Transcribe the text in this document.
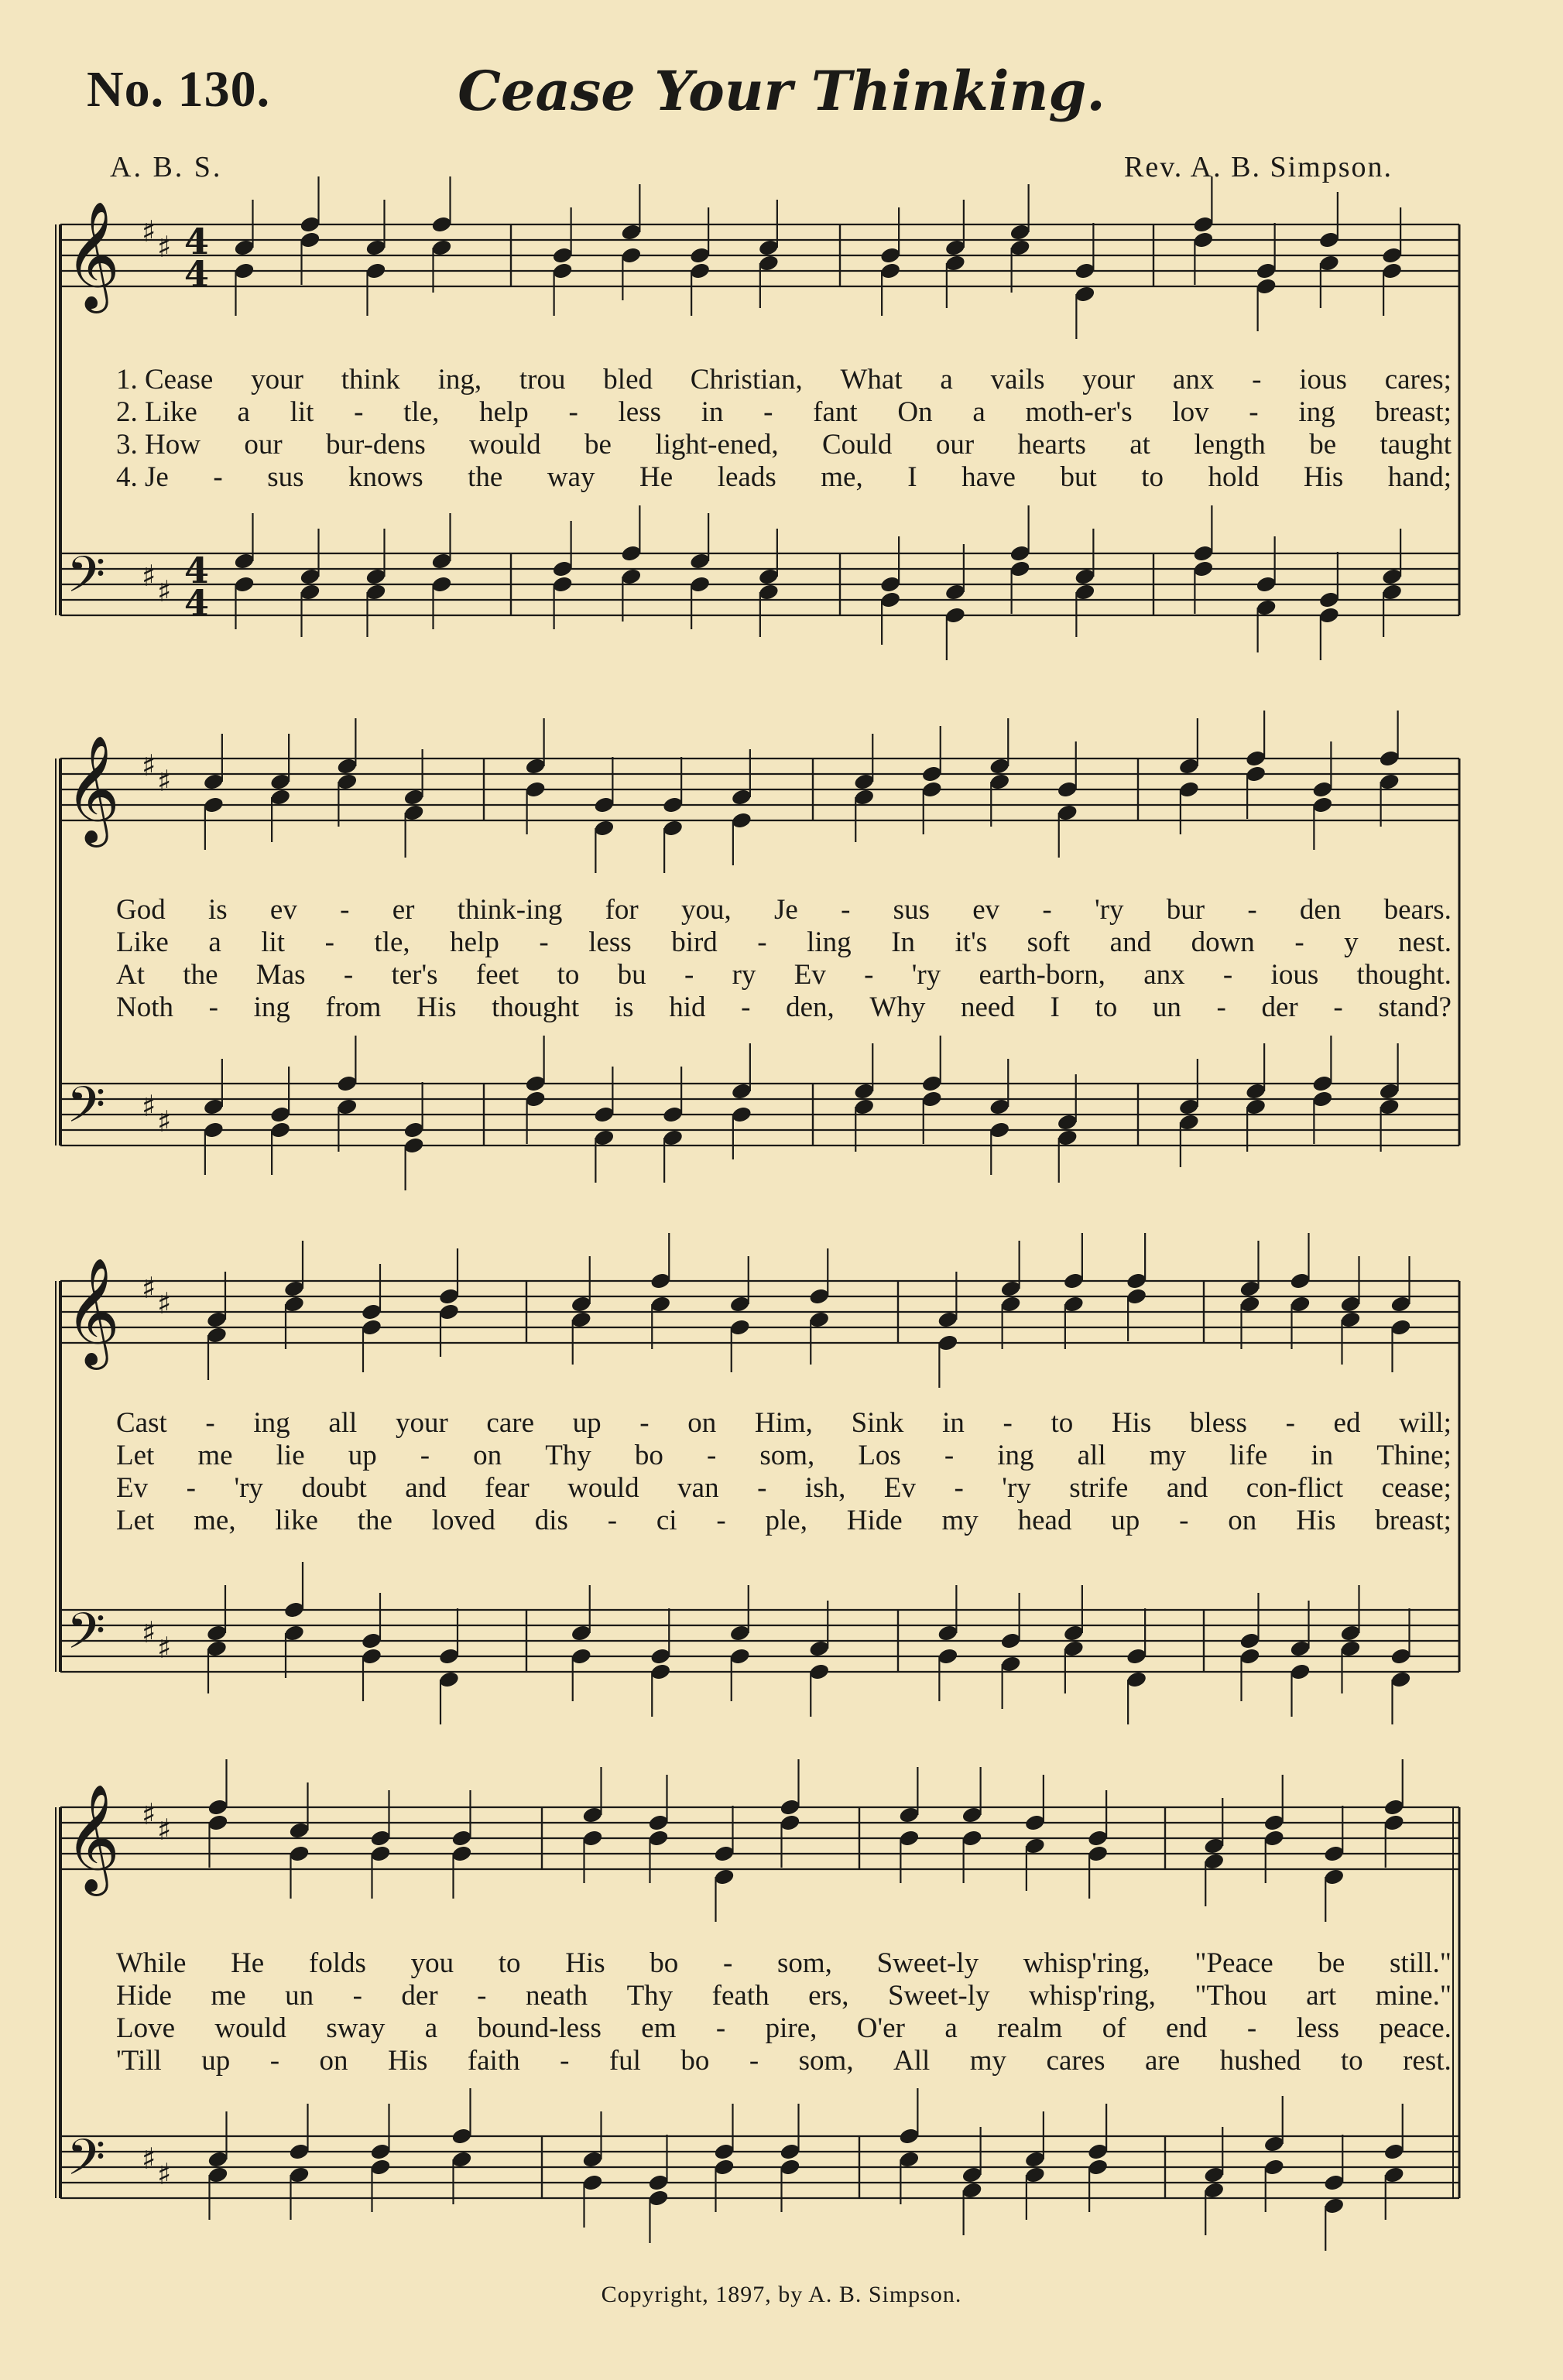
No. 130.	Cease Your Thinking.
A. B. S.	Rev. A. B. Simpson.
𝄞 ♯ ♯ 4
4
𝄢 ♯ ♯ 4
4
𝄞 ♯ ♯
𝄢 ♯ ♯
𝄞 ♯ ♯
𝄢 ♯ ♯
𝄞 ♯ ♯
𝄢 ♯ ♯
1. Cease your think ing, trou bled Christian, What a vails your anx - ious cares;
2. Like a lit - tle, help - less in - fant On a moth-er's lov - ing breast;
3. How our bur-dens would be light-ened, Could our hearts at length be taught
4. Je - sus knows the way He leads me, I have but to hold His hand;
God is ev - er think-ing for you, Je - sus ev - 'ry bur - den bears.
Like a lit - tle, help - less bird - ling In it's soft and down - y nest.
At the Mas - ter's feet to bu - ry Ev - 'ry earth-born, anx - ious thought.
Noth - ing from His thought is hid - den, Why need I to un - der - stand?
Cast - ing all your care up - on Him, Sink in - to His bless - ed will;
Let me lie up - on Thy bo - som, Los - ing all my life in Thine;
Ev - 'ry doubt and fear would van - ish, Ev - 'ry strife and con-flict cease;
Let me, like the loved dis - ci - ple, Hide my head up - on His breast;
While He folds you to His bo - som, Sweet-ly whisp'ring, "Peace be still."
Hide me un - der - neath Thy feath ers, Sweet-ly whisp'ring, "Thou art mine."
Love would sway a bound-less em - pire, O'er a realm of end - less peace.
'Till up - on His faith - ful bo - som, All my cares are hushed to rest.
Copyright, 1897, by A. B. Simpson.
